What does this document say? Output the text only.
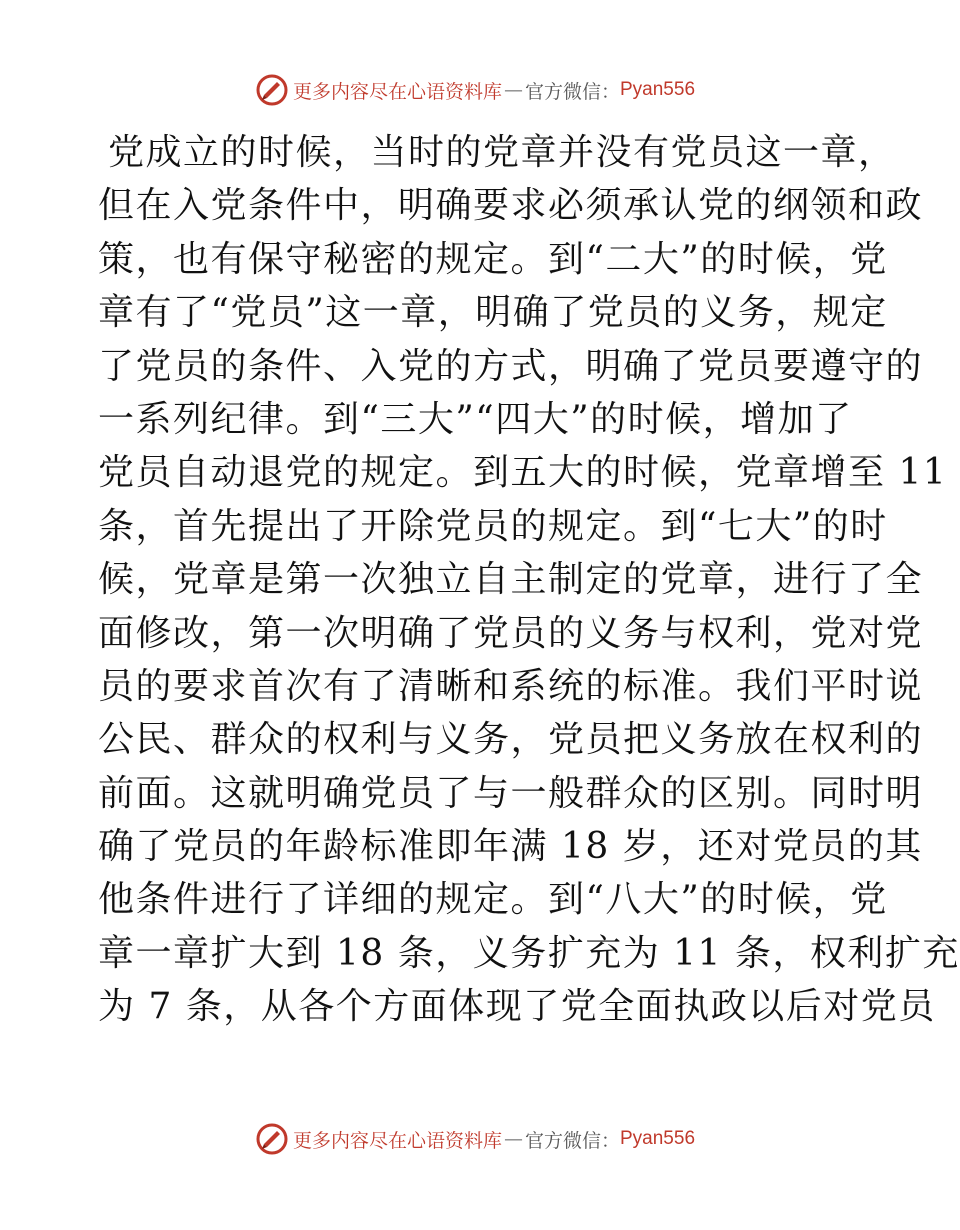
更多内容尽在心语资料库 — 官方微信： Pyan556
党成立的时候，当时的党章并没有党员这一章，
但在入党条件中，明确要求必须承认党的纲领和政
策，也有保守秘密的规定。到“二大”的时候，党
章有了“党员”这一章，明确了党员的义务，规定
了党员的条件、入党的方式，明确了党员要遵守的
一系列纪律。到“三大”“四大”的时候，增加了
党员自动退党的规定。到五大的时候，党章增至 11
条，首先提出了开除党员的规定。到“七大”的时
候，党章是第一次独立自主制定的党章，进行了全
面修改，第一次明确了党员的义务与权利，党对党
员的要求首次有了清晰和系统的标准。我们平时说
公民、群众的权利与义务，党员把义务放在权利的
前面。这就明确党员了与一般群众的区别。同时明
确了党员的年龄标准即年满 18 岁，还对党员的其
他条件进行了详细的规定。到“八大”的时候，党
章一章扩大到 18 条，义务扩充为 11 条，权利扩充
为 7 条，从各个方面体现了党全面执政以后对党员
更多内容尽在心语资料库 — 官方微信： Pyan556
